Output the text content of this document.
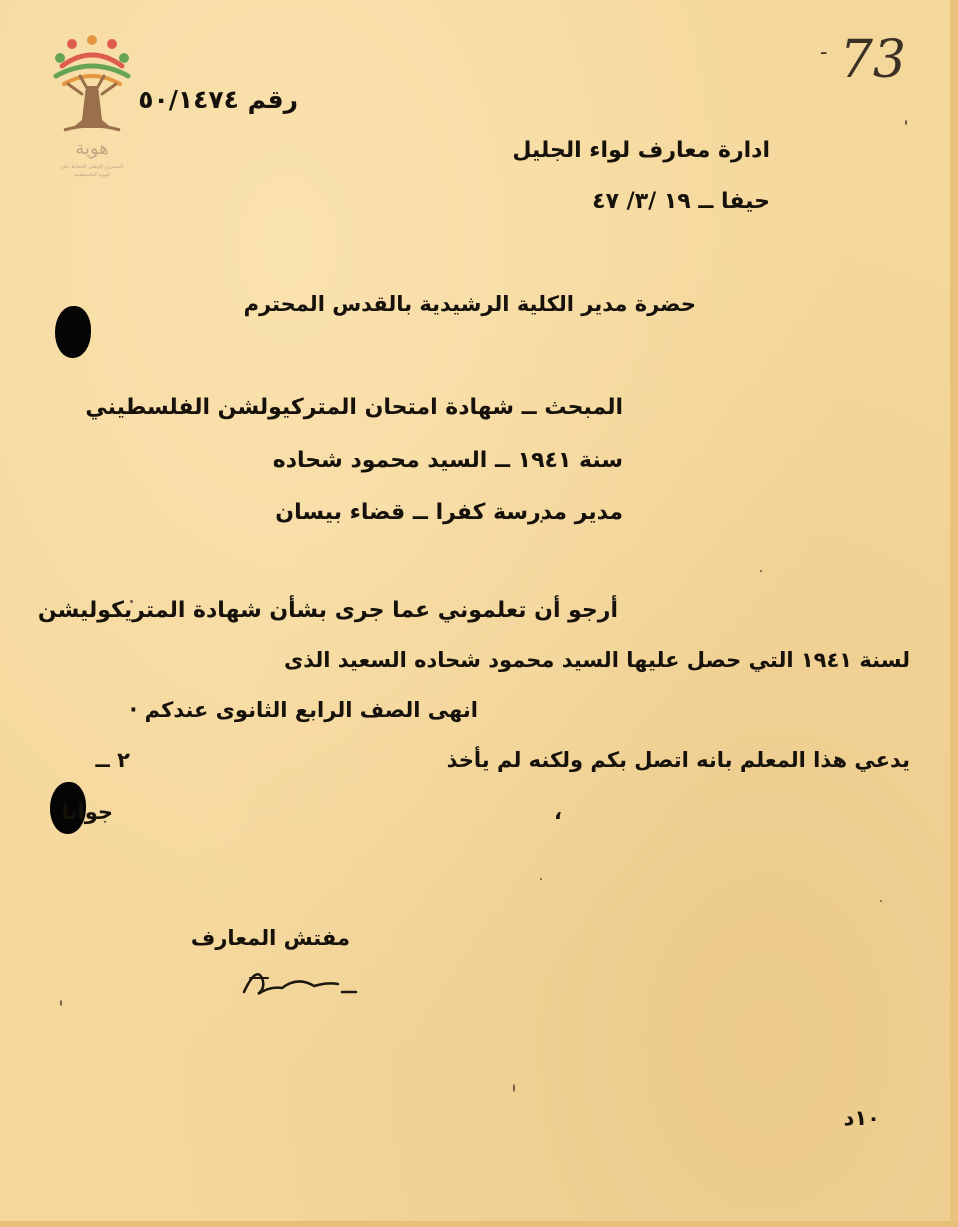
هوية
المشروع الوطني للحفاظ على
الهوية الفلسطينية
73
-
رقم ٥٠/١٤٧٤
ادارة معارف لواء الجليل
حيفا ــ ١٩ /٣/ ٤٧
حضرة مدير الكلية الرشيدية بالقدس المحترم
المبحث ــ شهادة امتحان المتركيولشن الفلسطيني
سنة ١٩٤١ ــ السيد محمود شحاده
مدير مدرسة كفرا ــ قضاء بيسان
أرجو أن تعلموني عما جرى بشأن شهادة المتريكوليشن
لسنة ١٩٤١ التي حصل عليها السيد محمود شحاده السعيد الذى
انهى الصف الرابع الثانوى عندكم ·
٢ ــ	يدعي هذا المعلم بانه اتصل بكم ولكنه لم يأخذ
جوابا	،
مفتش المعارف
١٠د
